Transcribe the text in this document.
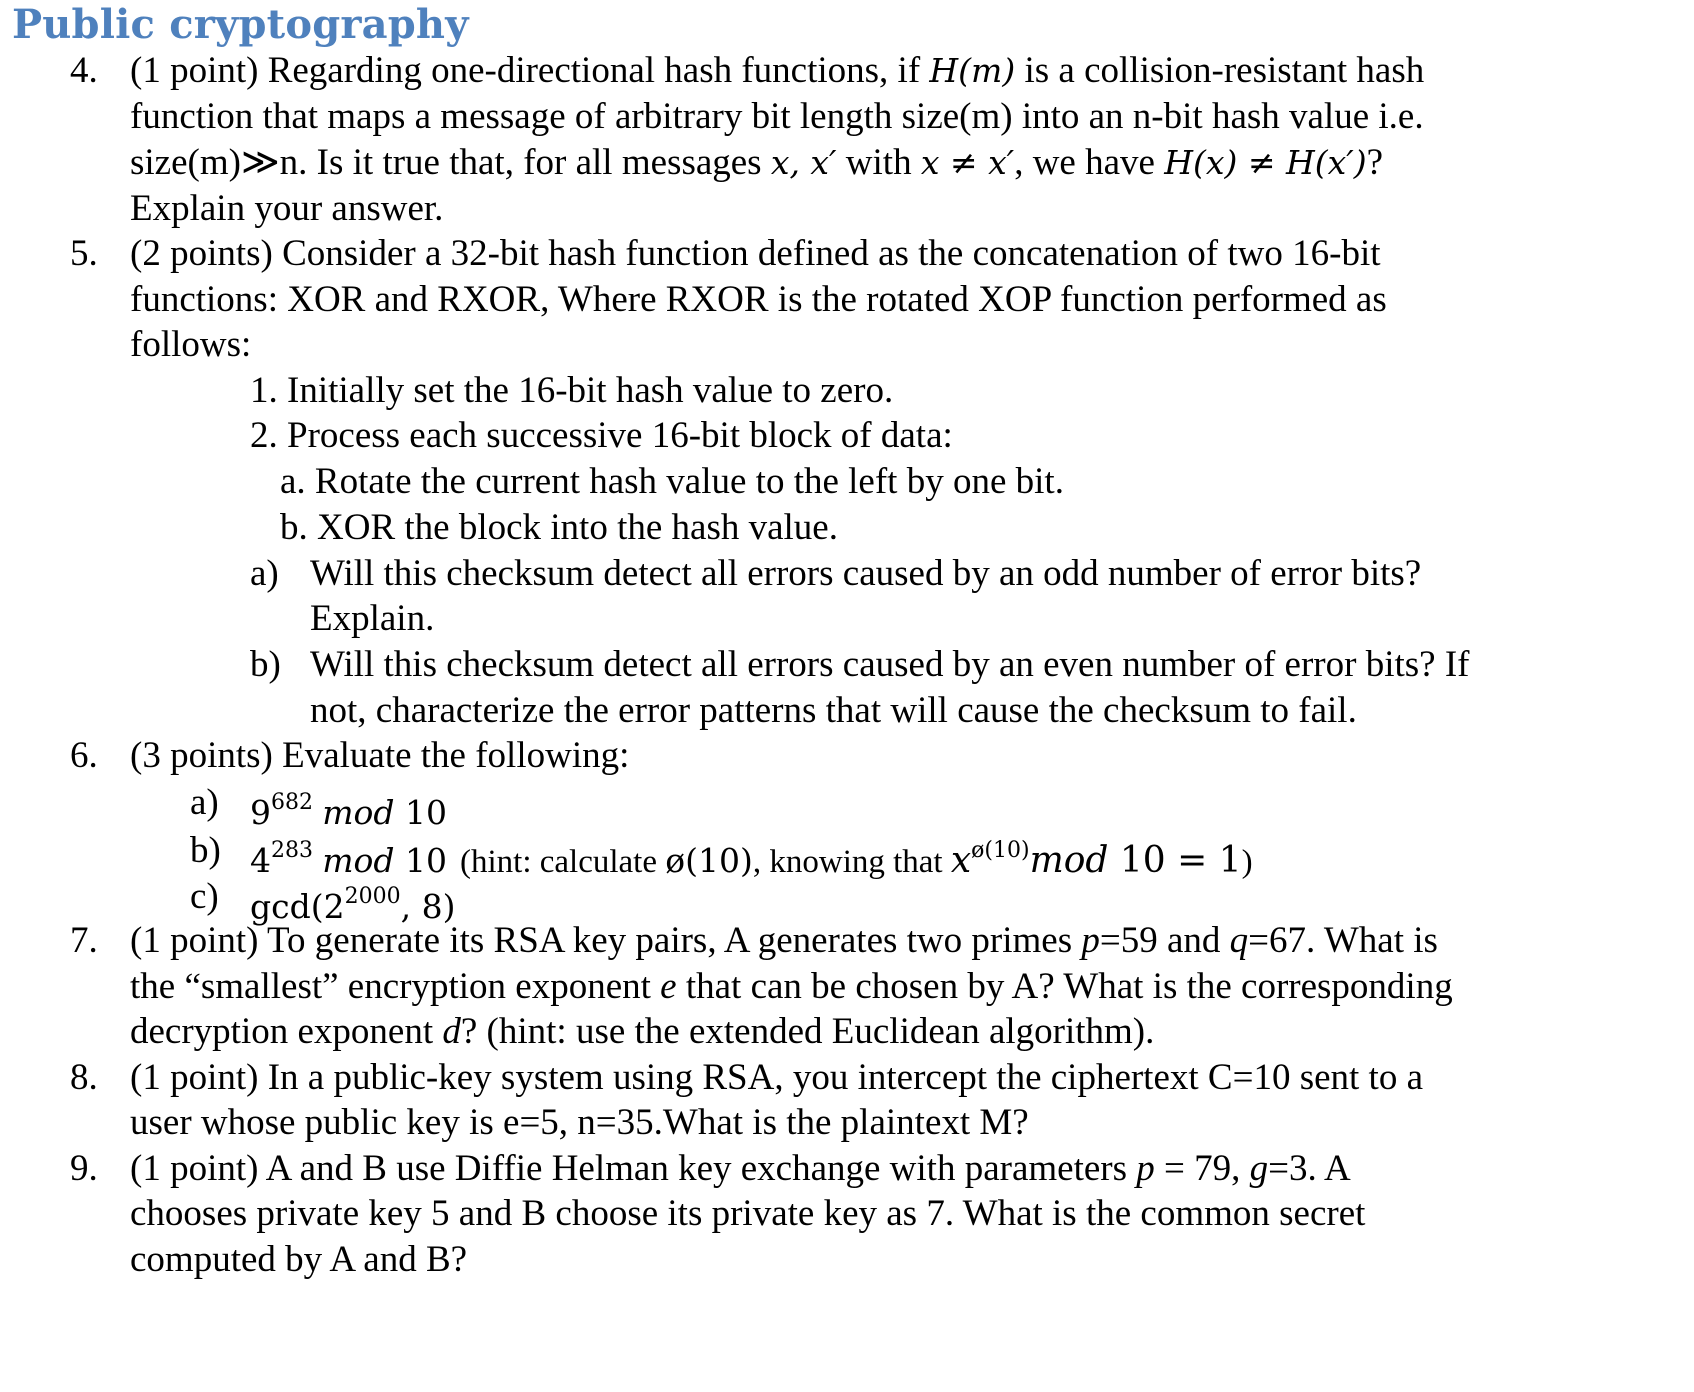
Public cryptography
4. (1 point) Regarding one-directional hash functions, if H(m) is a collision-resistant hash
function that maps a message of arbitrary bit length size(m) into an n-bit hash value i.e.
size(m)≫n. Is it true that, for all messages x, x′ with x ≠ x′, we have H(x) ≠ H(x′)?
Explain your answer.
5. (2 points) Consider a 32-bit hash function defined as the concatenation of two 16-bit
functions: XOR and RXOR, Where RXOR is the rotated XOP function performed as
follows:
1. Initially set the 16-bit hash value to zero.
2. Process each successive 16-bit block of data:
a. Rotate the current hash value to the left by one bit.
b. XOR the block into the hash value.
a) Will this checksum detect all errors caused by an odd number of error bits?
Explain.
b) Will this checksum detect all errors caused by an even number of error bits? If
not, characterize the error patterns that will cause the checksum to fail.
6. (3 points) Evaluate the following:
a) $9^{682}$ mod 10
b) $4^{283}$ mod 10 (hint: calculate ø(10), knowing that $x^{ø(10)}mod$ 10 = 1)
c) $\gcd(2^{2000}$, 8)
7. (1 point) To generate its RSA key pairs, A generates two primes p=59 and q=67. What is
the “smallest” encryption exponent e that can be chosen by A? What is the corresponding
decryption exponent d? (hint: use the extended Euclidean algorithm).
8. (1 point) In a public-key system using RSA, you intercept the ciphertext C=10 sent to a
user whose public key is e=5, n=35.What is the plaintext M?
9. (1 point) A and B use Diffie Helman key exchange with parameters p = 79, g=3. A
chooses private key 5 and B choose its private key as 7. What is the common secret
computed by A and B?
